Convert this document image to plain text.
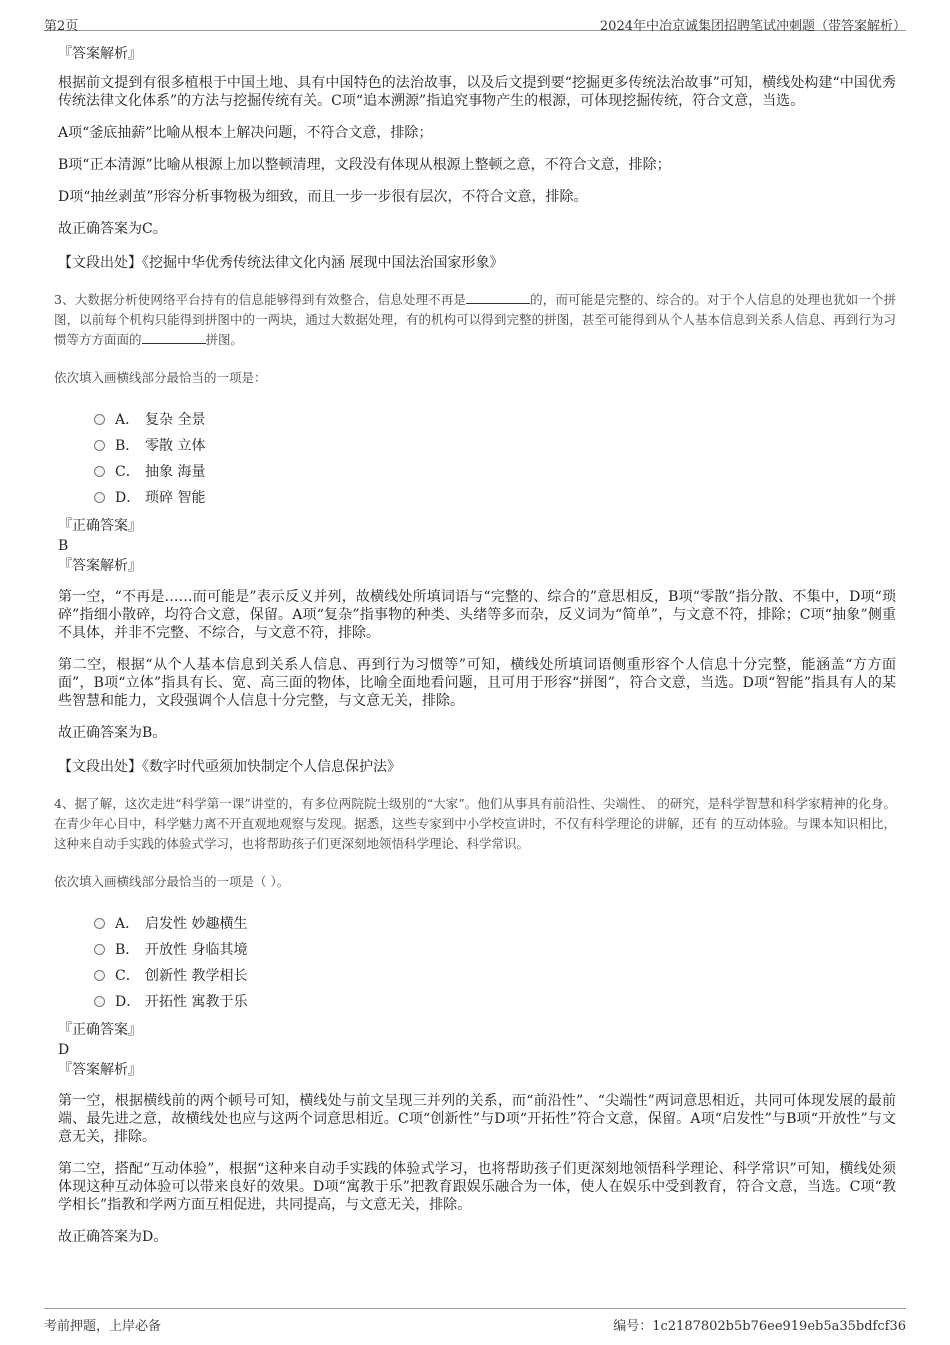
第2页	2024年中冶京诚集团招聘笔试冲刺题（带答案解析）

『答案解析』

根据前文提到有很多植根于中国土地、具有中国特色的法治故事，以及后文提到要“挖掘更多传统法治故事”可知，横线处构建“中国优秀传统法律文化体系”的方法与挖掘传统有关。C项“追本溯源”指追究事物产生的根源，可体现挖掘传统，符合文意，当选。

A项“釜底抽薪”比喻从根本上解决问题，不符合文意，排除；

B项“正本清源”比喻从根源上加以整顿清理，文段没有体现从根源上整顿之意，不符合文意，排除；

D项“抽丝剥茧”形容分析事物极为细致，而且一步一步很有层次，不符合文意，排除。

故正确答案为C。

【文段出处】《挖掘中华优秀传统法律文化内涵 展现中国法治国家形象》

3、大数据分析使网络平台持有的信息能够得到有效整合，信息处理不再是	的，而可能是完整的、综合的。对于个人信息的处理也犹如一个拼图，以前每个机构只能得到拼图中的一两块，通过大数据处理，有的机构可以得到完整的拼图，甚至可能得到从个人基本信息到关系人信息、再到行为习惯等方方面面的	拼图。
依次填入画横线部分最恰当的一项是：
A． 复杂 全景
B． 零散 立体
C． 抽象 海量
D． 琐碎 智能

『正确答案』

B

『答案解析』

第一空，“不再是……而可能是”表示反义并列，故横线处所填词语与“完整的、综合的”意思相反，B项“零散”指分散、不集中，D项“琐碎”指细小散碎，均符合文意，保留。A项“复杂”指事物的种类、头绪等多而杂，反义词为“简单”，与文意不符，排除；C项“抽象”侧重不具体，并非不完整、不综合，与文意不符，排除。

第二空，根据“从个人基本信息到关系人信息、再到行为习惯等”可知，横线处所填词语侧重形容个人信息十分完整，能涵盖“方方面面”，B项“立体”指具有长、宽、高三面的物体，比喻全面地看问题，且可用于形容“拼图”，符合文意，当选。D项“智能”指具有人的某些智慧和能力，文段强调个人信息十分完整，与文意无关，排除。

故正确答案为B。

【文段出处】《数字时代亟须加快制定个人信息保护法》

4、据了解，这次走进“科学第一课”讲堂的，有多位两院院士级别的“大家”。他们从事具有前沿性、尖端性、 的研究，是科学智慧和科学家精神的化身。在青少年心目中，科学魅力离不开直观地观察与发现。据悉，这些专家到中小学校宣讲时，不仅有科学理论的讲解，还有 的互动体验。与课本知识相比，这种来自动手实践的体验式学习，也将帮助孩子们更深刻地领悟科学理论、科学常识。
依次填入画横线部分最恰当的一项是（ ）。
A． 启发性 妙趣横生
B． 开放性 身临其境
C． 创新性 教学相长
D． 开拓性 寓教于乐

『正确答案』

D

『答案解析』

第一空，根据横线前的两个顿号可知，横线处与前文呈现三并列的关系，而“前沿性”、“尖端性”两词意思相近，共同可体现发展的最前端、最先进之意，故横线处也应与这两个词意思相近。C项“创新性”与D项“开拓性”符合文意，保留。A项“启发性”与B项“开放性”与文意无关，排除。

第二空，搭配“互动体验”，根据“这种来自动手实践的体验式学习，也将帮助孩子们更深刻地领悟科学理论、科学常识”可知，横线处须体现这种互动体验可以带来良好的效果。D项“寓教于乐”把教育跟娱乐融合为一体，使人在娱乐中受到教育，符合文意，当选。C项“教学相长”指教和学两方面互相促进，共同提高，与文意无关，排除。

故正确答案为D。

考前押题，上岸必备	编号：1c2187802b5b76ee919eb5a35bdfcf36
